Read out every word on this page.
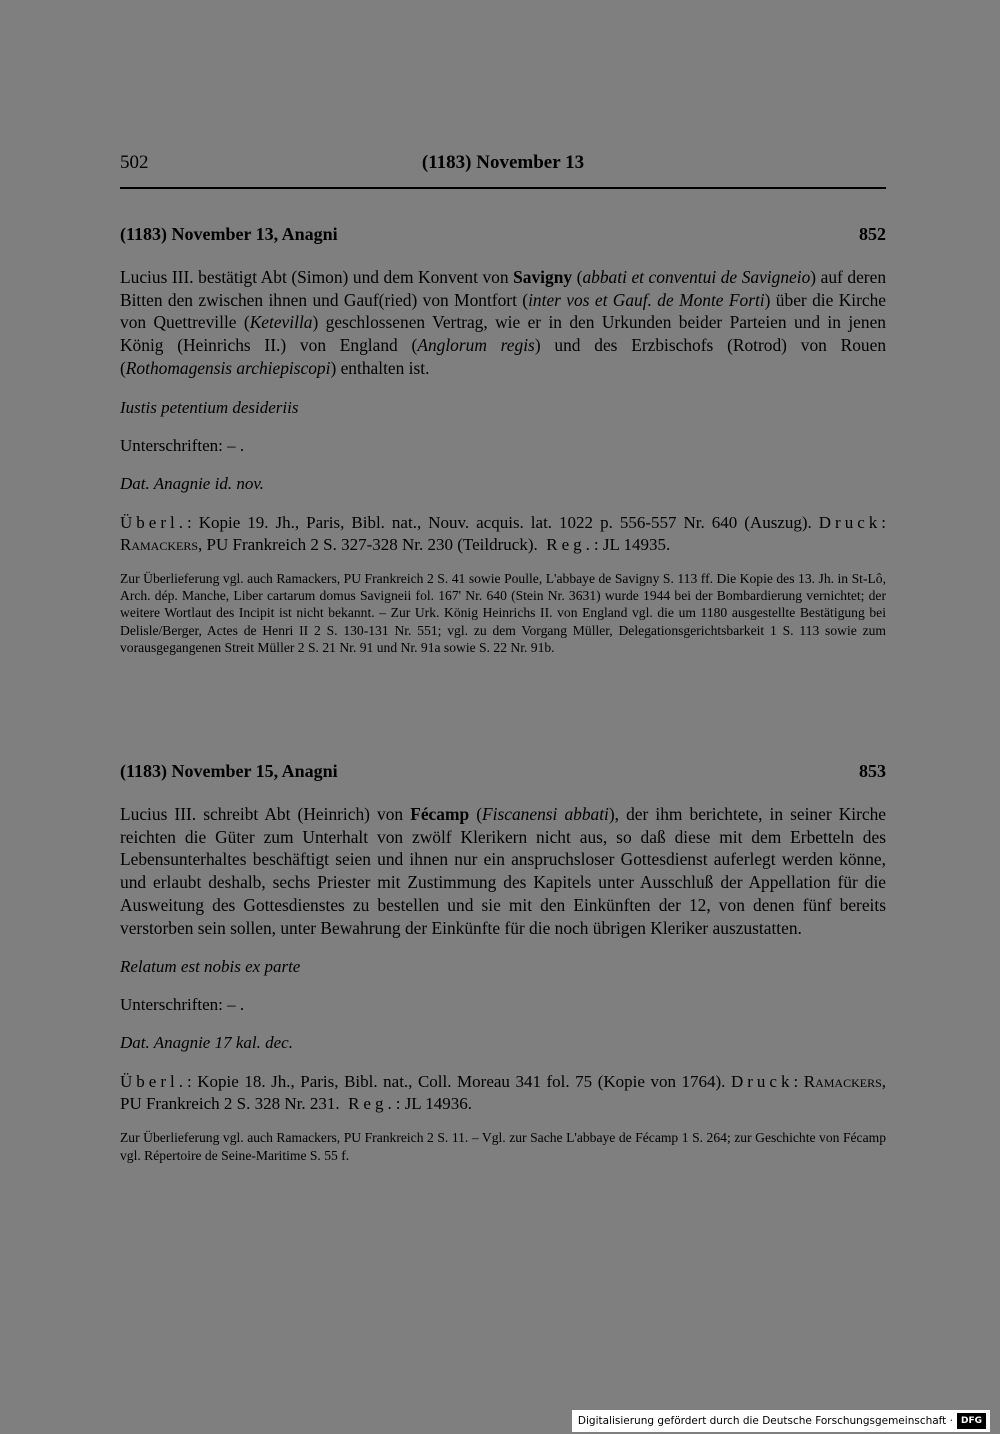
502	(1183) November 13
(1183) November 13, Anagni	852

Lucius III. bestätigt Abt (Simon) und dem Konvent von Savigny (abbati et conventui de Savigneio) auf deren Bitten den zwischen ihnen und Gauf(ried) von Montfort (inter vos et Gauf. de Monte Forti) über die Kirche von Quettreville (Ketevilla) geschlossenen Vertrag, wie er in den Urkunden beider Parteien und in jenen König (Heinrichs II.) von England (Anglorum regis) und des Erzbischofs (Rotrod) von Rouen (Rothomagensis archiepiscopi) enthalten ist.

Iustis petentium desideriis

Unterschriften: – .

Dat. Anagnie id. nov.

Überl.: Kopie 19. Jh., Paris, Bibl. nat., Nouv. acquis. lat. 1022 p. 556-557 Nr. 640 (Auszug). Druck: Ramackers, PU Frankreich 2 S. 327-328 Nr. 230 (Teildruck). Reg.: JL 14935.

Zur Überlieferung vgl. auch Ramackers, PU Frankreich 2 S. 41 sowie Poulle, L'abbaye de Savigny S. 113 ff. Die Kopie des 13. Jh. in St-Lô, Arch. dép. Manche, Liber cartarum domus Savigneii fol. 167' Nr. 640 (Stein Nr. 3631) wurde 1944 bei der Bombardierung vernichtet; der weitere Wortlaut des Incipit ist nicht bekannt. – Zur Urk. König Heinrichs II. von England vgl. die um 1180 ausgestellte Bestätigung bei Delisle/Berger, Actes de Henri II 2 S. 130-131 Nr. 551; vgl. zu dem Vorgang Müller, Delegationsgerichtsbarkeit 1 S. 113 sowie zum vorausgegangenen Streit Müller 2 S. 21 Nr. 91 und Nr. 91a sowie S. 22 Nr. 91b.

(1183) November 15, Anagni	853

Lucius III. schreibt Abt (Heinrich) von Fécamp (Fiscanensi abbati), der ihm berichtete, in seiner Kirche reichten die Güter zum Unterhalt von zwölf Klerikern nicht aus, so daß diese mit dem Erbetteln des Lebensunterhaltes beschäftigt seien und ihnen nur ein anspruchsloser Gottesdienst auferlegt werden könne, und erlaubt deshalb, sechs Priester mit Zustimmung des Kapitels unter Ausschluß der Appellation für die Ausweitung des Gottesdienstes zu bestellen und sie mit den Einkünften der 12, von denen fünf bereits verstorben sein sollen, unter Bewahrung der Einkünfte für die noch übrigen Kleriker auszustatten.

Relatum est nobis ex parte

Unterschriften: – .

Dat. Anagnie 17 kal. dec.

Überl.: Kopie 18. Jh., Paris, Bibl. nat., Coll. Moreau 341 fol. 75 (Kopie von 1764). Druck: Ramackers, PU Frankreich 2 S. 328 Nr. 231. Reg.: JL 14936.

Zur Überlieferung vgl. auch Ramackers, PU Frankreich 2 S. 11. – Vgl. zur Sache L'abbaye de Fécamp 1 S. 264; zur Geschichte von Fécamp vgl. Répertoire de Seine-Maritime S. 55 f.

Digitalisierung gefördert durch die Deutsche Forschungsgemeinschaft · DFG
